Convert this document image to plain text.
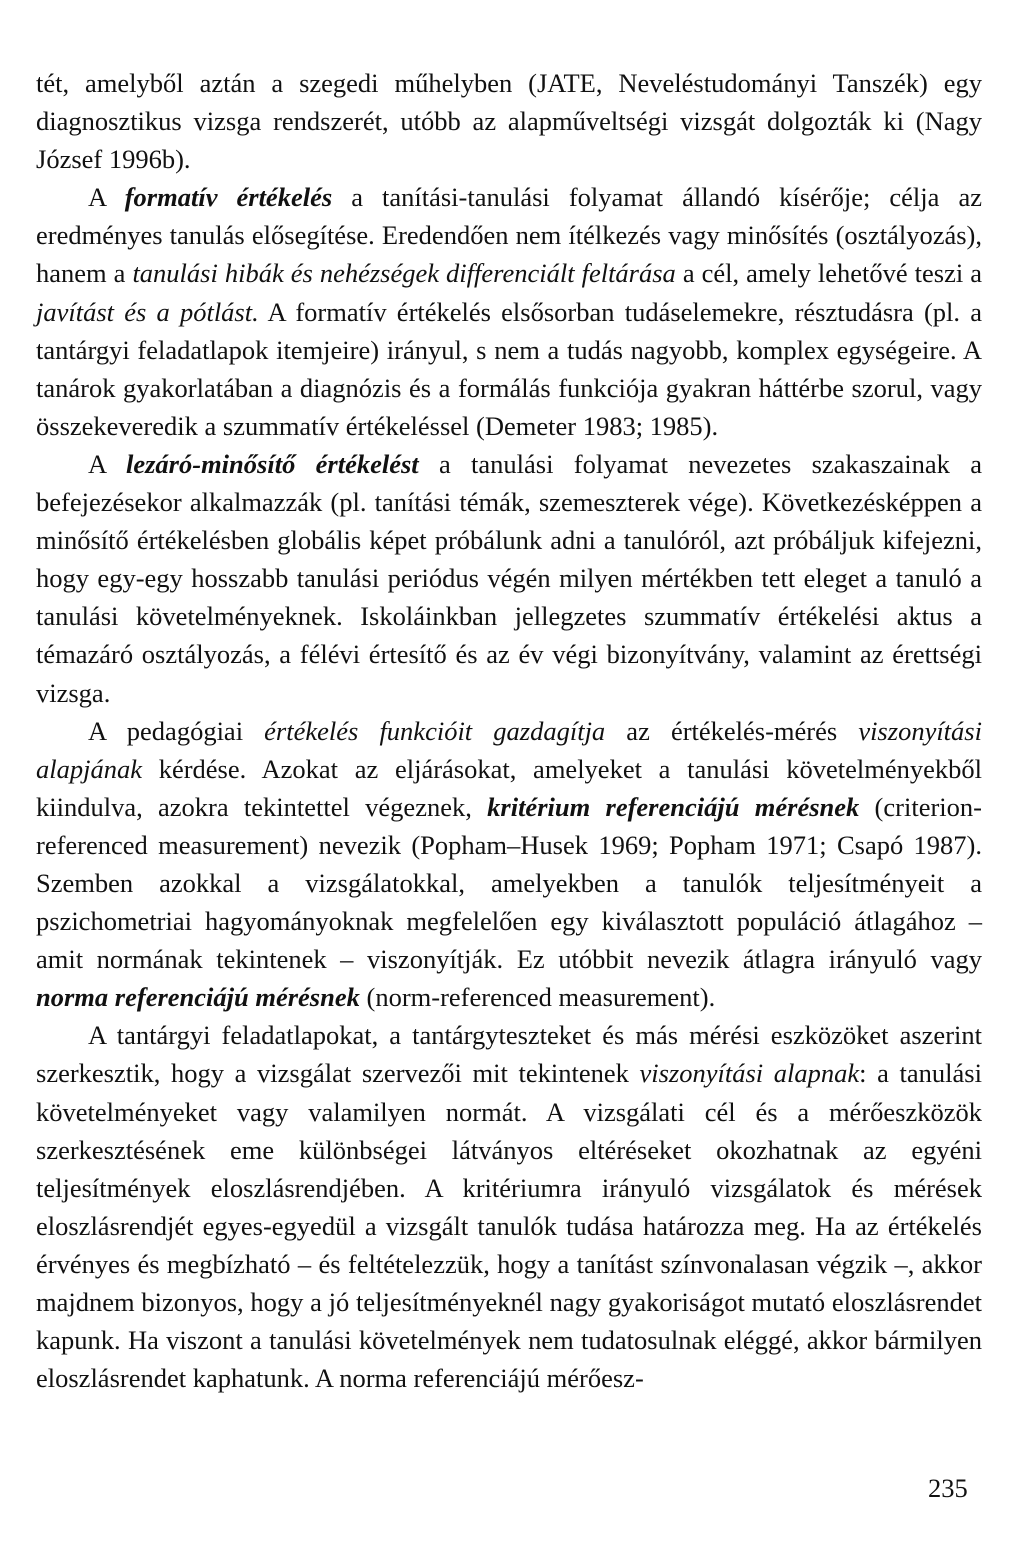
tét, amelyből aztán a szegedi műhelyben (JATE, Neveléstudományi Tanszék) egy diagnosztikus vizsga rendszerét, utóbb az alapműveltségi vizsgát dolgozták ki (Nagy József 1996b).

A formatív értékelés a tanítási-tanulási folyamat állandó kísérője; célja az eredményes tanulás elősegítése. Eredendően nem ítélkezés vagy minősítés (osztályozás), hanem a tanulási hibák és nehézségek differenciált feltárása a cél, amely lehetővé teszi a javítást és a pótlást. A formatív értékelés elsősorban tudáselemekre, résztudásra (pl. a tantárgyi feladatlapok itemjeire) irányul, s nem a tudás nagyobb, komplex egységeire. A tanárok gyakorlatában a diagnózis és a formálás funkciója gyakran háttérbe szorul, vagy összekeveredik a szummatív értékeléssel (Demeter 1983; 1985).

A lezáró-minősítő értékelést a tanulási folyamat nevezetes szakaszainak a befejezésekor alkalmazzák (pl. tanítási témák, szemeszterek vége). Következésképpen a minősítő értékelésben globális képet próbálunk adni a tanulóról, azt próbáljuk kifejezni, hogy egy-egy hosszabb tanulási periódus végén milyen mértékben tett eleget a tanuló a tanulási követelményeknek. Iskoláinkban jellegzetes szummatív értékelési aktus a témazáró osztályozás, a félévi értesítő és az év végi bizonyítvány, valamint az érettségi vizsga.

A pedagógiai értékelés funkcióit gazdagítja az értékelés-mérés viszonyítási alapjának kérdése. Azokat az eljárásokat, amelyeket a tanulási követelményekből kiindulva, azokra tekintettel végeznek, kritérium referenciájú mérésnek (criterion-referenced measurement) nevezik (Popham–Husek 1969; Popham 1971; Csapó 1987). Szemben azokkal a vizsgálatokkal, amelyekben a tanulók teljesítményeit a pszichometriai hagyományoknak megfelelően egy kiválasztott populáció átlagához – amit normának tekintenek – viszonyítják. Ez utóbbit nevezik átlagra irányuló vagy norma referenciájú mérésnek (norm-referenced measurement).

A tantárgyi feladatlapokat, a tantárgyteszteket és más mérési eszközöket aszerint szerkesztik, hogy a vizsgálat szervezői mit tekintenek viszonyítási alapnak: a tanulási követelményeket vagy valamilyen normát. A vizsgálati cél és a mérőeszközök szerkesztésének eme különbségei látványos eltéréseket okozhatnak az egyéni teljesítmények eloszlásrendjében. A kritériumra irányuló vizsgálatok és mérések eloszlásrendjét egyes-egyedül a vizsgált tanulók tudása határozza meg. Ha az értékelés érvényes és megbízható – és feltételezzük, hogy a tanítást színvonalasan végzik –, akkor majdnem bizonyos, hogy a jó teljesítményeknél nagy gyakoriságot mutató eloszlásrendet kapunk. Ha viszont a tanulási követelmények nem tudatosulnak eléggé, akkor bármilyen eloszlásrendet kaphatunk. A norma referenciájú mérőesz-

235
